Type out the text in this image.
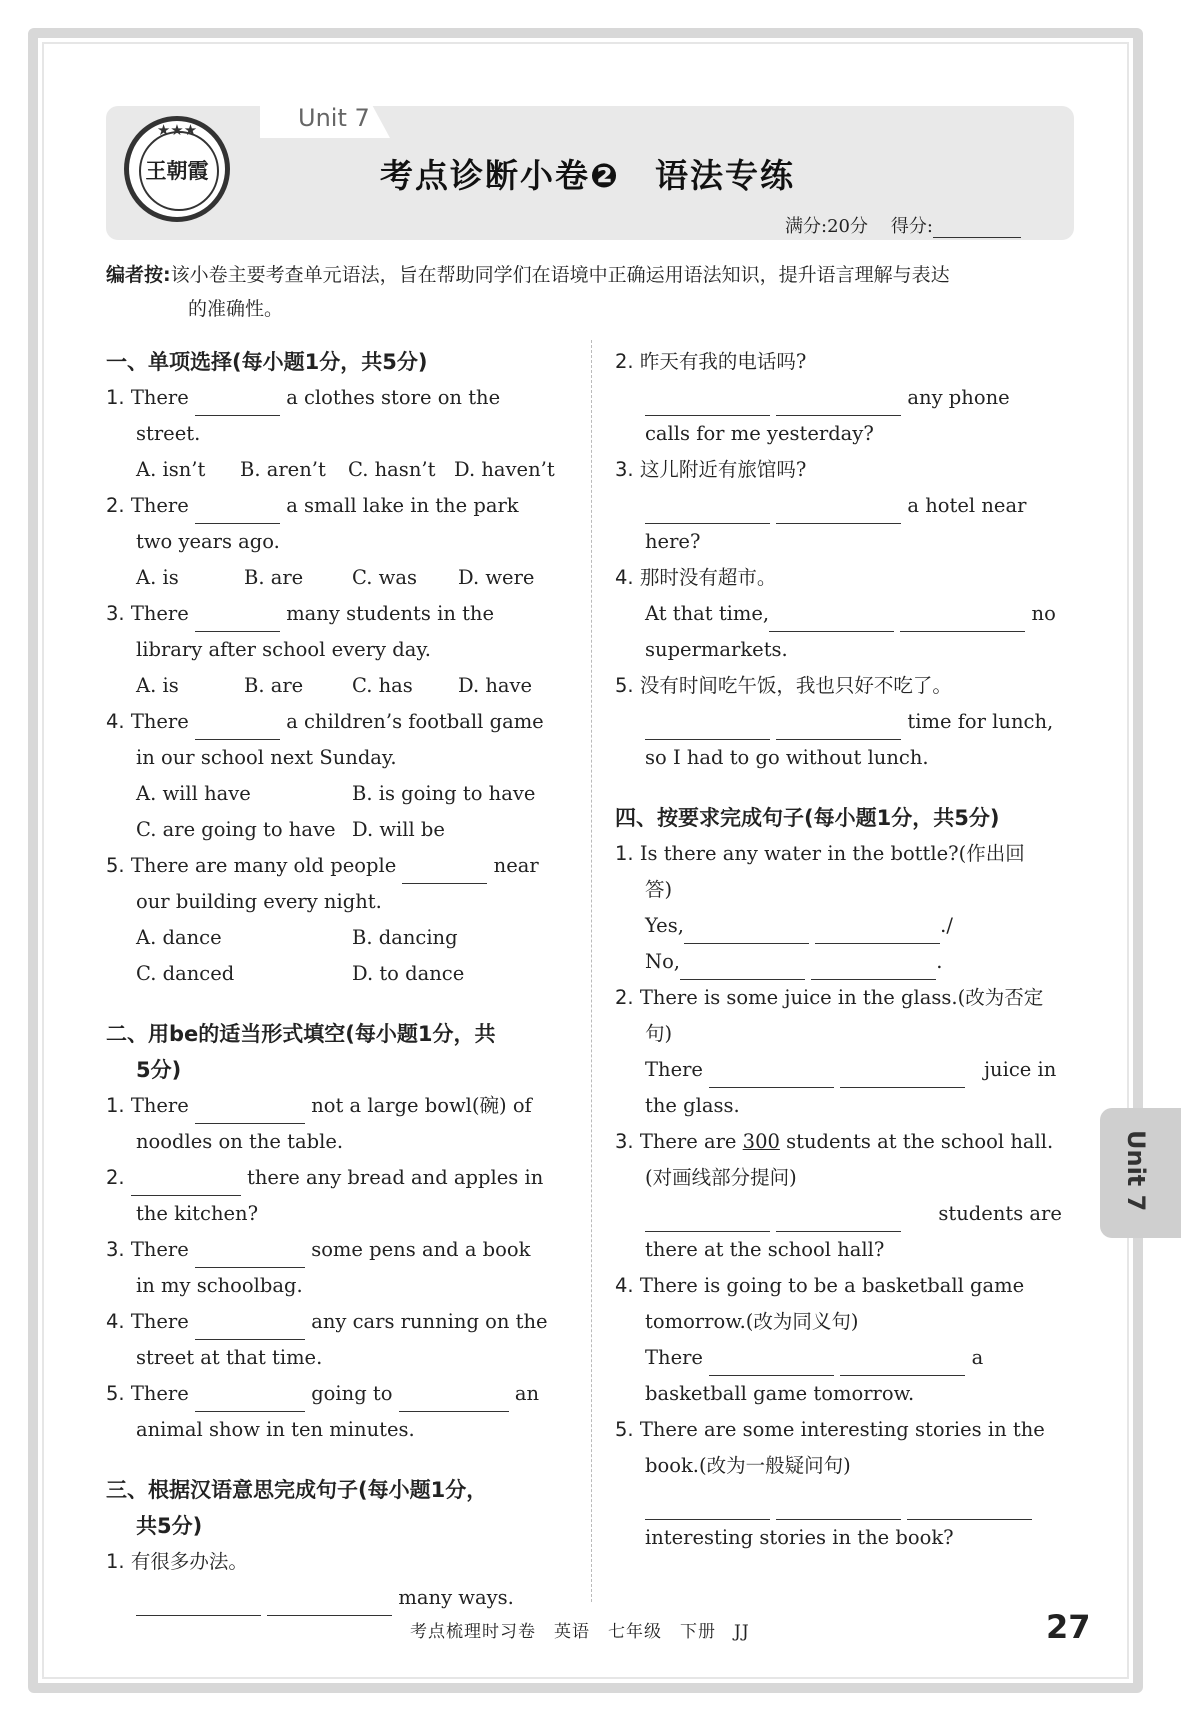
Unit 7
★★★
王朝霞	考点诊断小卷❷　语法专练
满分:20分 得分:
编者按:该小卷主要考查单元语法，旨在帮助同学们在语境中正确运用语法知识，提升语言理解与表达
的准确性。
一、单项选择(每小题1分，共5分)
1. There	a clothes store on the
street.
A. isn’t B. aren’t C. hasn’t D. haven’t
2. There	a small lake in the park
two years ago.
A. is	B. are	C. was D. were
3. There	many students in the
library after school every day.
A. is	B. are	C. has D. have
4. There	a children’s football game
in our school next Sunday.
A. will have	B. is going to have
C. are going to have D. will be
5. There are many old people	near
our building every night.
A. dance	B. dancing
C. danced	D. to dance
二、用be的适当形式填空(每小题1分，共
5分)
1. There	not a large bowl(碗) of
noodles on the table.
2.	there any bread and apples in
the kitchen?
3. There	some pens and a book
in my schoolbag.
4. There	any cars running on the
street at that time.
5. There	going to	an
animal show in ten minutes.
三、根据汉语意思完成句子(每小题1分，
共5分)
1. 有很多办法。
many ways.
2. 昨天有我的电话吗?
any phone
calls for me yesterday?
3. 这儿附近有旅馆吗?
a hotel near
here?
4. 那时没有超市。
At that time,	no
supermarkets.
5. 没有时间吃午饭，我也只好不吃了。
time for lunch,
so I had to go without lunch.
四、按要求完成句子(每小题1分，共5分)
1. Is there any water in the bottle?(作出回
答)
Yes,	./
No,	.
2. There is some juice in the glass.(改为否定
句)
There	juice in
the glass.
3. There are 300 students at the school hall.
(对画线部分提问)
students are
there at the school hall?
4. There is going to be a basketball game
tomorrow.(改为同义句)
There	a
basketball game tomorrow.
5. There are some interesting stories in the
book.(改为一般疑问句)

interesting stories in the book?
Unit 7
考点梳理时习卷　英语　七年级　下册　JJ	27
